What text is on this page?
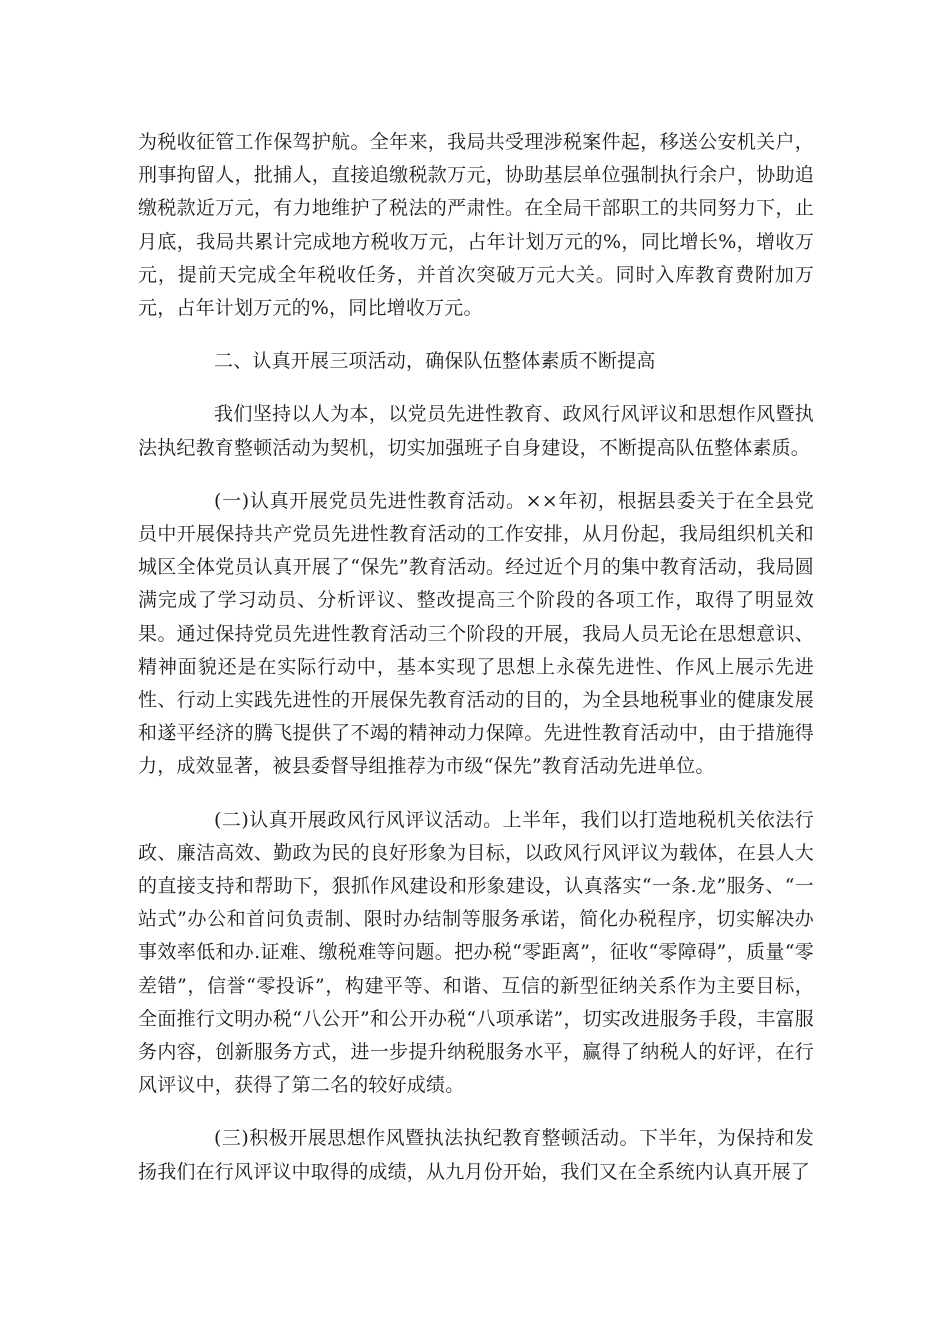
为税收征管工作保驾护航。全年来，我局共受理涉税案件起，移送公安机关户，刑事拘留人，批捕人，直接追缴税款万元，协助基层单位强制执行余户，协助追缴税款近万元，有力地维护了税法的严肃性。在全局干部职工的共同努力下，止月底，我局共累计完成地方税收万元，占年计划万元的%，同比增长%，增收万元，提前天完成全年税收任务，并首次突破万元大关。同时入库教育费附加万元，占年计划万元的%，同比增收万元。

二、认真开展三项活动，确保队伍整体素质不断提高

我们坚持以人为本，以党员先进性教育、政风行风评议和思想作风暨执法执纪教育整顿活动为契机，切实加强班子自身建设，不断提高队伍整体素质。

(一)认真开展党员先进性教育活动。××年初，根据县委关于在全县党员中开展保持共产党员先进性教育活动的工作安排，从月份起，我局组织机关和城区全体党员认真开展了“保先”教育活动。经过近个月的集中教育活动，我局圆满完成了学习动员、分析评议、整改提高三个阶段的各项工作，取得了明显效果。通过保持党员先进性教育活动三个阶段的开展，我局人员无论在思想意识、精神面貌还是在实际行动中，基本实现了思想上永葆先进性、作风上展示先进性、行动上实践先进性的开展保先教育活动的目的，为全县地税事业的健康发展和遂平经济的腾飞提供了不竭的精神动力保障。先进性教育活动中，由于措施得力，成效显著，被县委督导组推荐为市级“保先”教育活动先进单位。

(二)认真开展政风行风评议活动。上半年，我们以打造地税机关依法行政、廉洁高效、勤政为民的良好形象为目标，以政风行风评议为载体，在县人大的直接支持和帮助下，狠抓作风建设和形象建设，认真落实“一条.龙”服务、“一站式”办公和首问负责制、限时办结制等服务承诺，简化办税程序，切实解决办事效率低和办.证难、缴税难等问题。把办税“零距离”，征收“零障碍”，质量“零差错”，信誉“零投诉”，构建平等、和谐、互信的新型征纳关系作为主要目标，全面推行文明办税“八公开”和公开办税“八项承诺”，切实改进服务手段，丰富服务内容，创新服务方式，进一步提升纳税服务水平，赢得了纳税人的好评，在行风评议中，获得了第二名的较好成绩。

(三)积极开展思想作风暨执法执纪教育整顿活动。下半年，为保持和发扬我们在行风评议中取得的成绩，从九月份开始，我们又在全系统内认真开展了
